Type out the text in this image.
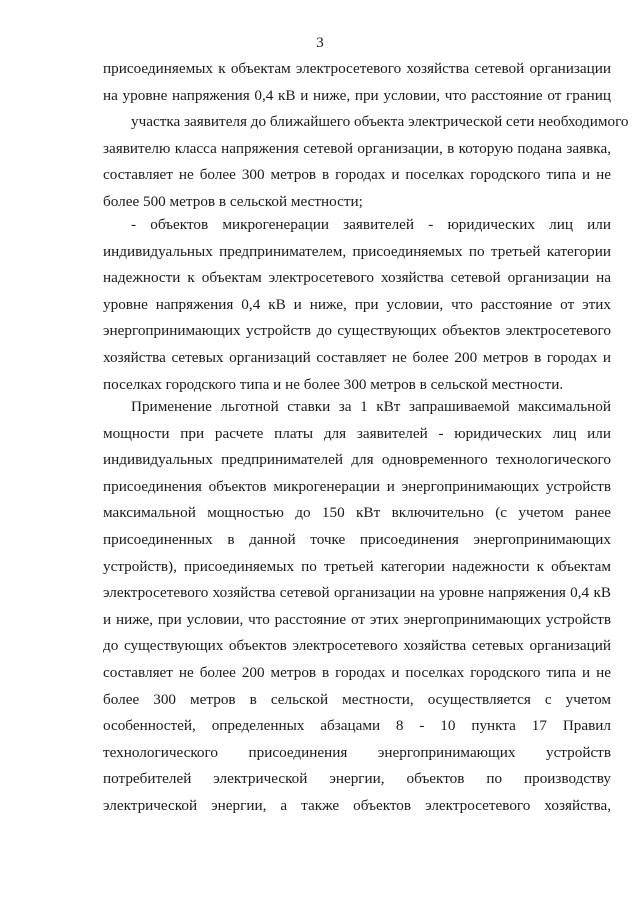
3
присоединяемых к объектам электросетевого хозяйства сетевой организации
на уровне напряжения 0,4 кВ и ниже, при условии, что расстояние от границ
участка заявителя до ближайшего объекта электрической сети необходимого
заявителю класса напряжения сетевой организации, в которую подана заявка,
составляет не более 300 метров в городах и поселках городского типа и не
более 500 метров в сельской местности;
- объектов микрогенерации заявителей - юридических лиц или
индивидуальных предпринимателем, присоединяемых по третьей категории
надежности к объектам электросетевого хозяйства сетевой организации на
уровне напряжения 0,4 кВ и ниже, при условии, что расстояние от этих
энергопринимающих устройств до существующих объектов электросетевого
хозяйства сетевых организаций составляет не более 200 метров в городах и
поселках городского типа и не более 300 метров в сельской местности.
Применение льготной ставки за 1 кВт запрашиваемой максимальной
мощности при расчете платы для заявителей - юридических лиц или
индивидуальных предпринимателей для одновременного технологического
присоединения объектов микрогенерации и энергопринимающих устройств
максимальной мощностью до 150 кВт включительно (с учетом ранее
присоединенных в данной точке присоединения энергопринимающих
устройств), присоединяемых по третьей категории надежности к объектам
электросетевого хозяйства сетевой организации на уровне напряжения 0,4 кВ
и ниже, при условии, что расстояние от этих энергопринимающих устройств
до существующих объектов электросетевого хозяйства сетевых организаций
составляет не более 200 метров в городах и поселках городского типа и не
более 300 метров в сельской местности, осуществляется с учетом
особенностей, определенных абзацами 8 - 10 пункта 17 Правил
технологического присоединения энергопринимающих устройств
потребителей электрической энергии, объектов по производству
электрической энергии, а также объектов электросетевого хозяйства,
